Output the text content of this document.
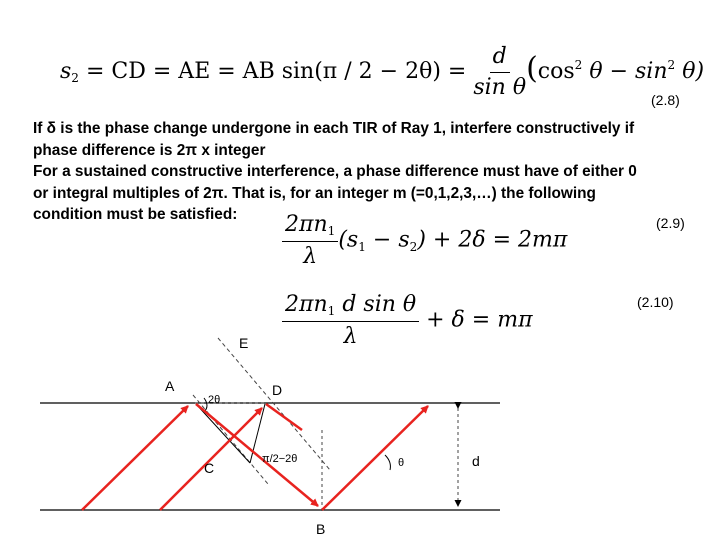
$s_2$ = CD = AE = AB $\sin(\pi / 2 - 2\theta) = \frac{d}{\text{sin θ}} (\cos^2$ $\theta - \sin^2 \theta$)
(2.8)
If δ is the phase change undergone in each TIR of Ray 1, interfere constructively if
phase difference is 2π x integer
For a sustained constructive interference, a phase difference must have of either 0
or integral multiples of 2π. That is, for an integer m (=0,1,2,3,…) the following
condition must be satisfied:	$\frac{2\pi n_1}{\lambda} (s_1 - s_2) + 2\delta = 2m\pi$
(2.9)
$\frac{2\pi n_1 d \sin \theta}{\lambda} + \delta = m\pi$
(2.10)
E
A	D
C
B
d
2θ
π/2−2θ	θ
